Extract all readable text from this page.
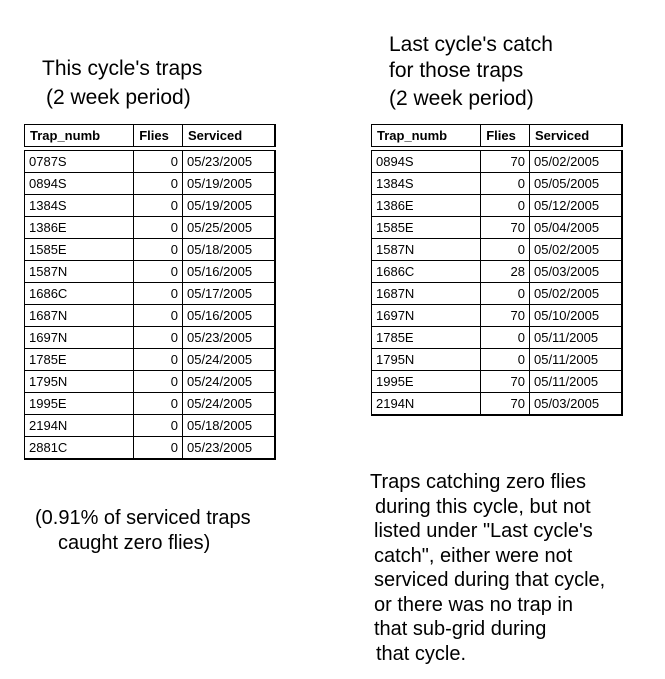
This cycle's traps
(2 week period)
Last cycle's catch
for those traps
(2 week period)
Trap_numb	Flies	Serviced

0787S	0	05/23/2005
0894S	0	05/19/2005
1384S	0	05/19/2005
1386E	0	05/25/2005
1585E	0	05/18/2005
1587N	0	05/16/2005
1686C	0	05/17/2005
1687N	0	05/16/2005
1697N	0	05/23/2005
1785E	0	05/24/2005
1795N	0	05/24/2005
1995E	0	05/24/2005
2194N	0	05/18/2005
2881C	0	05/23/2005
Trap_numb	Flies	Serviced

0894S	70	05/02/2005
1384S	0	05/05/2005
1386E	0	05/12/2005
1585E	70	05/04/2005
1587N	0	05/02/2005
1686C	28	05/03/2005
1687N	0	05/02/2005
1697N	70	05/10/2005
1785E	0	05/11/2005
1795N	0	05/11/2005
1995E	70	05/11/2005
2194N	70	05/03/2005
(0.91% of serviced traps
caught zero flies)
Traps catching zero flies
during this cycle, but not
listed under "Last cycle's
catch", either were not
serviced during that cycle,
or there was no trap in
that sub-grid during
that cycle.
